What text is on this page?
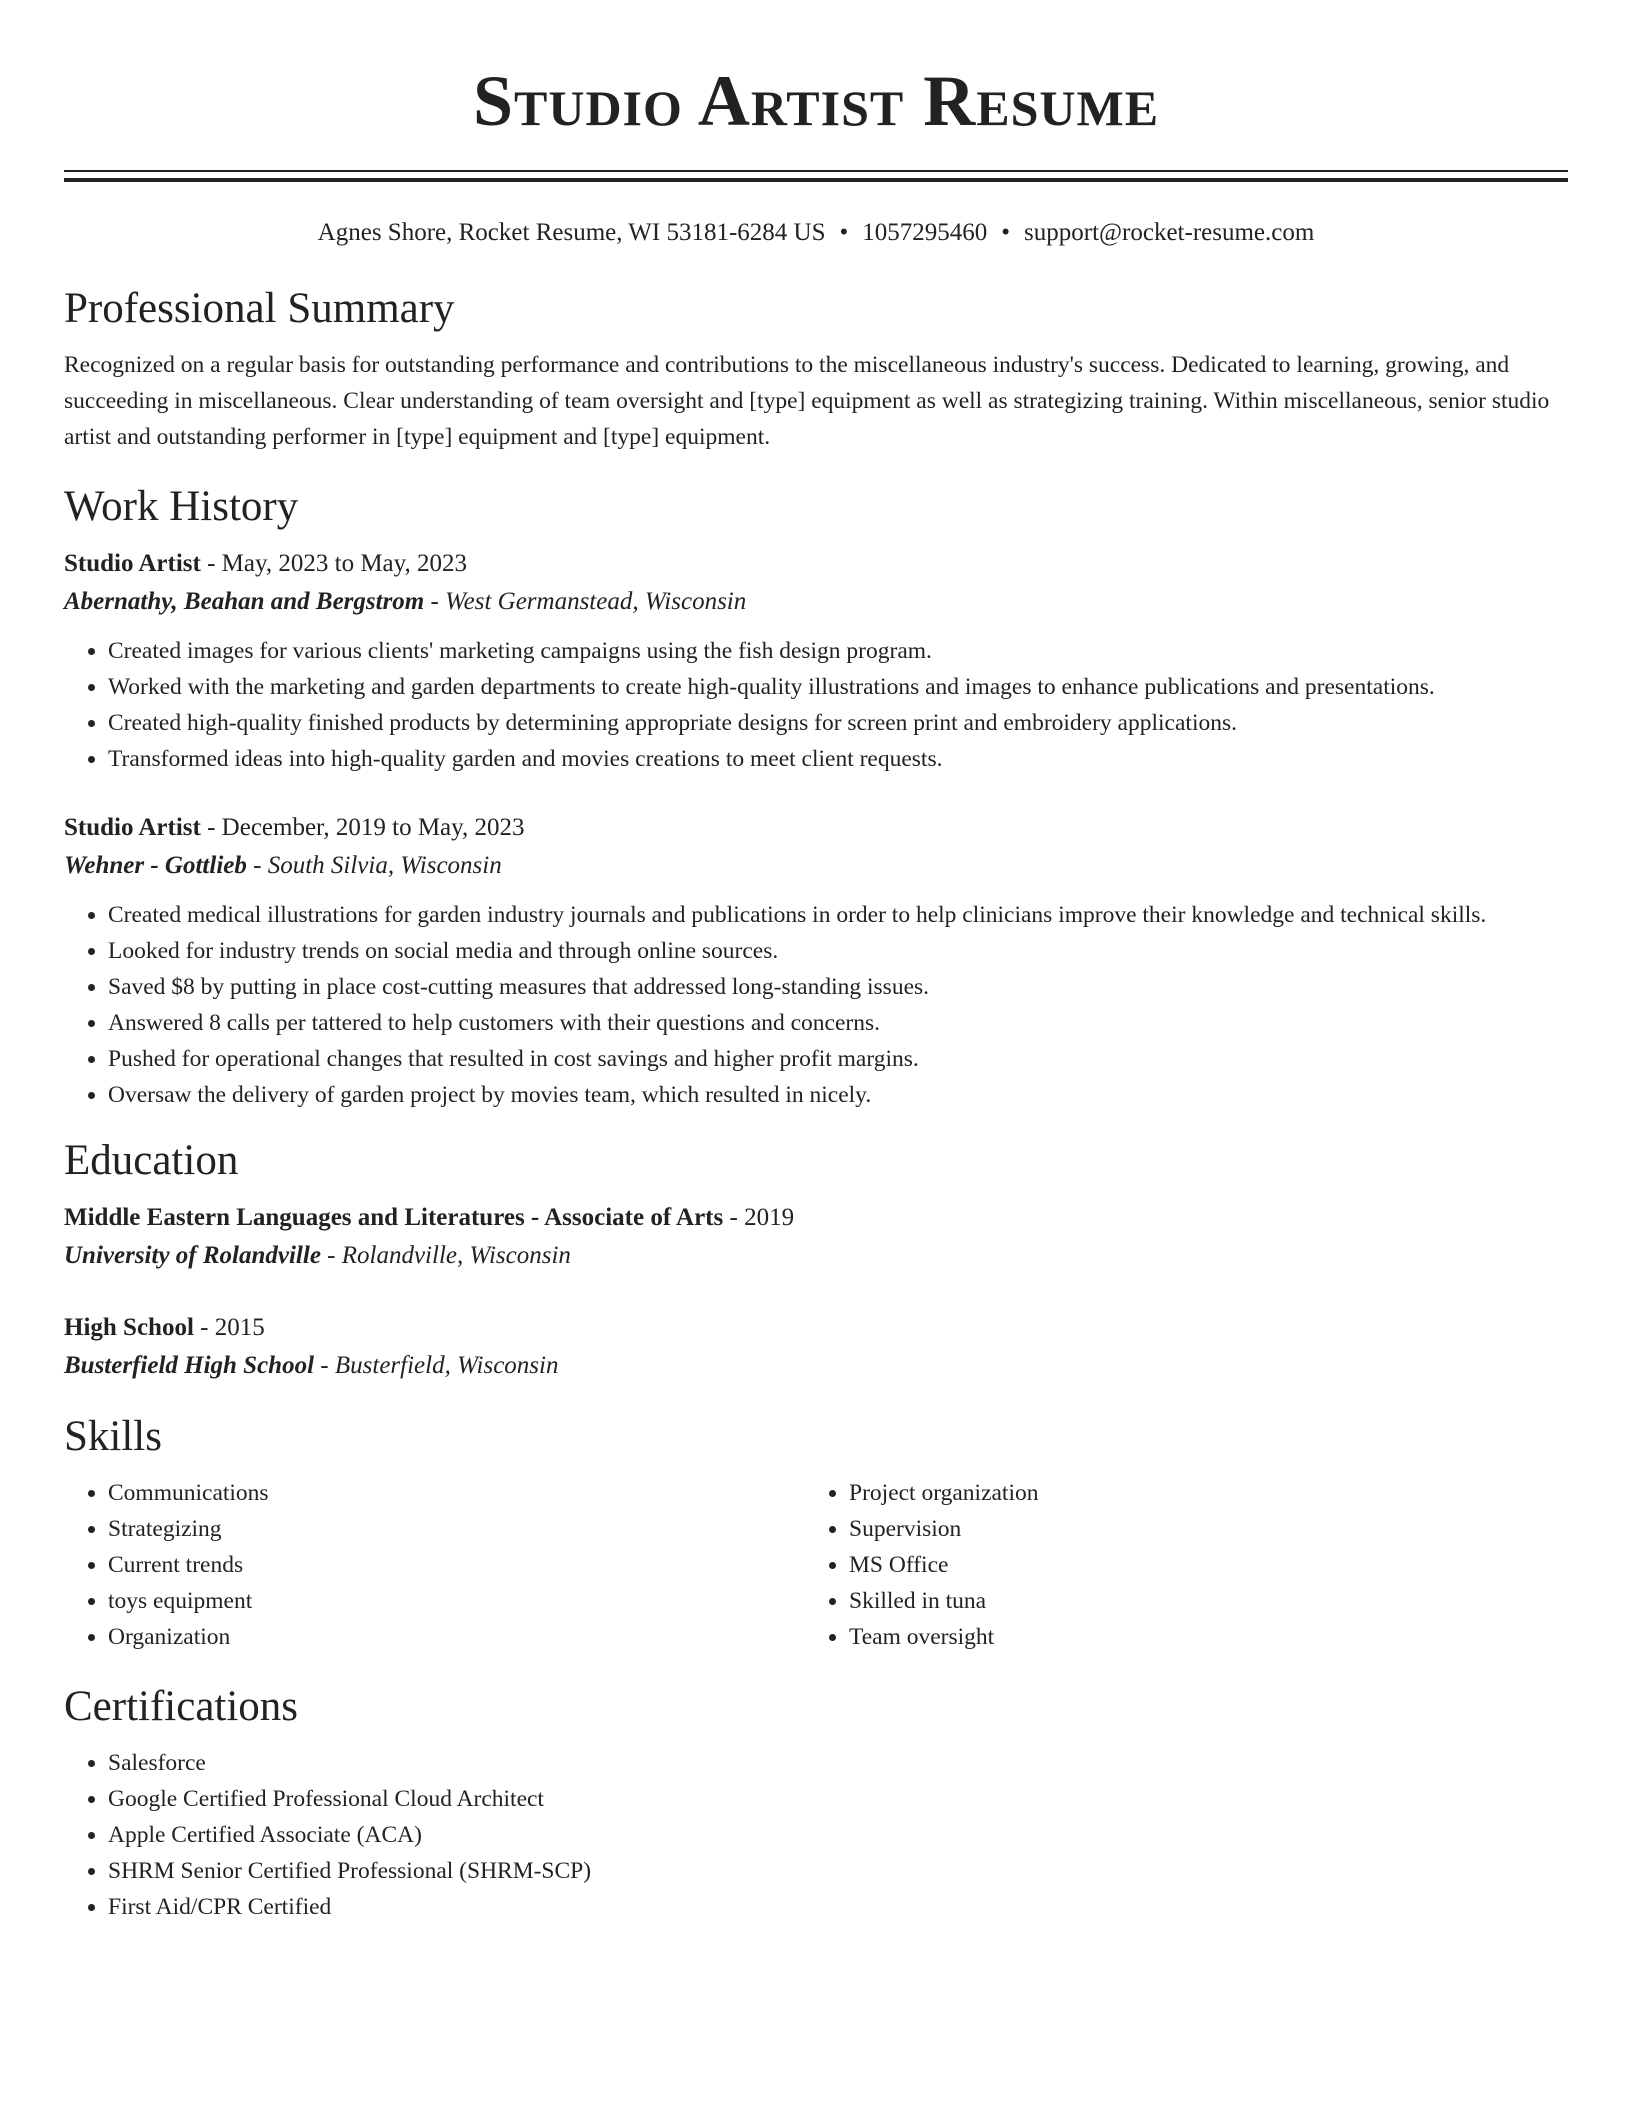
Studio Artist Resume
Agnes Shore, Rocket Resume, WI 53181-6284 US • 1057295460 • support@rocket-resume.com
Professional Summary

Recognized on a regular basis for outstanding performance and contributions to the miscellaneous industry's success. Dedicated to learning, growing, and succeeding in miscellaneous. Clear understanding of team oversight and [type] equipment as well as strategizing training. Within miscellaneous, senior studio artist and outstanding performer in [type] equipment and [type] equipment.

Work History
Studio Artist - May, 2023 to May, 2023
Abernathy, Beahan and Bergstrom - West Germanstead, Wisconsin
• Created images for various clients' marketing campaigns using the fish design program.
• Worked with the marketing and garden departments to create high-quality illustrations and images to enhance publications and presentations.
• Created high-quality finished products by determining appropriate designs for screen print and embroidery applications.
• Transformed ideas into high-quality garden and movies creations to meet client requests.
Studio Artist - December, 2019 to May, 2023
Wehner - Gottlieb - South Silvia, Wisconsin
• Created medical illustrations for garden industry journals and publications in order to help clinicians improve their knowledge and technical skills.
• Looked for industry trends on social media and through online sources.
• Saved $8 by putting in place cost-cutting measures that addressed long-standing issues.
• Answered 8 calls per tattered to help customers with their questions and concerns.
• Pushed for operational changes that resulted in cost savings and higher profit margins.
• Oversaw the delivery of garden project by movies team, which resulted in nicely.
Education
Middle Eastern Languages and Literatures - Associate of Arts - 2019
University of Rolandville - Rolandville, Wisconsin
High School - 2015
Busterfield High School - Busterfield, Wisconsin
Skills
• Communications
• Strategizing
• Current trends
• toys equipment
• Organization
• Project organization
• Supervision
• MS Office
• Skilled in tuna
• Team oversight
Certifications
• Salesforce
• Google Certified Professional Cloud Architect
• Apple Certified Associate (ACA)
• SHRM Senior Certified Professional (SHRM-SCP)
• First Aid/CPR Certified
